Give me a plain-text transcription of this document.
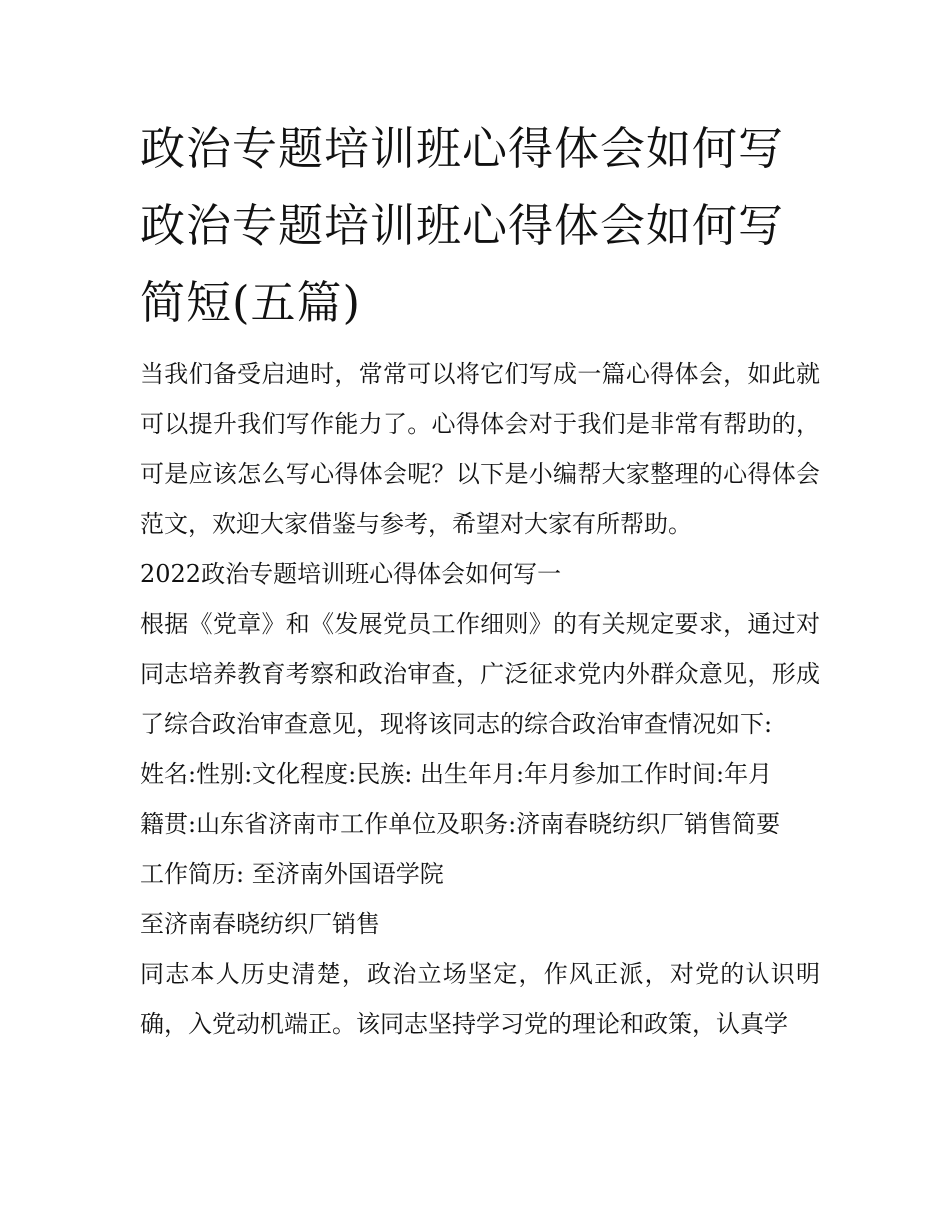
政治专题培训班心得体会如何写 政治专题培训班心得体会如何写简短(五篇)

当我们备受启迪时，常常可以将它们写成一篇心得体会，如此就可以提升我们写作能力了。心得体会对于我们是非常有帮助的，可是应该怎么写心得体会呢？以下是小编帮大家整理的心得体会范文，欢迎大家借鉴与参考，希望对大家有所帮助。

2022政治专题培训班心得体会如何写一

根据《党章》和《发展党员工作细则》的有关规定要求，通过对同志培养教育考察和政治审查，广泛征求党内外群众意见，形成了综合政治审查意见，现将该同志的综合政治审查情况如下:

姓名:性别:文化程度:民族: 出生年月:年月参加工作时间:年月

籍贯:山东省济南市工作单位及职务:济南春晓纺织厂销售简要

工作简历: 至济南外国语学院

至济南春晓纺织厂销售

同志本人历史清楚，政治立场坚定，作风正派，对党的认识明确，入党动机端正。该同志坚持学习党的理论和政策，认真学
